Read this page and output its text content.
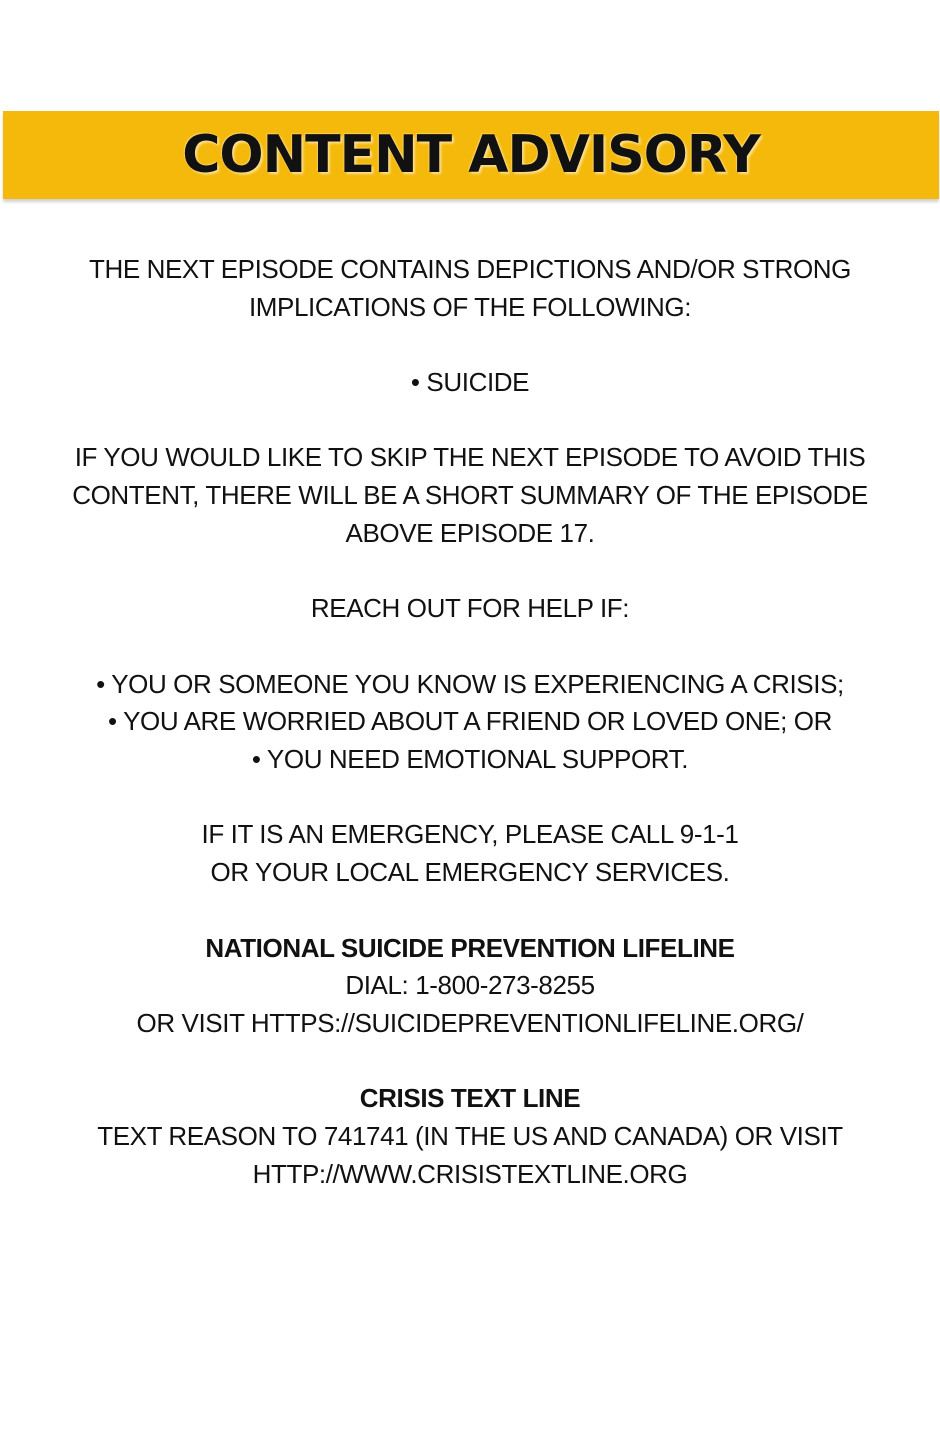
CONTENT ADVISORY
THE NEXT EPISODE CONTAINS DEPICTIONS AND/OR STRONG
IMPLICATIONS OF THE FOLLOWING:
• SUICIDE
IF YOU WOULD LIKE TO SKIP THE NEXT EPISODE TO AVOID THIS
CONTENT, THERE WILL BE A SHORT SUMMARY OF THE EPISODE
ABOVE EPISODE 17.
REACH OUT FOR HELP IF:
• YOU OR SOMEONE YOU KNOW IS EXPERIENCING A CRISIS;
• YOU ARE WORRIED ABOUT A FRIEND OR LOVED ONE; OR
• YOU NEED EMOTIONAL SUPPORT.
IF IT IS AN EMERGENCY, PLEASE CALL 9-1-1
OR YOUR LOCAL EMERGENCY SERVICES.
NATIONAL SUICIDE PREVENTION LIFELINE
DIAL: 1-800-273-8255
OR VISIT HTTPS://SUICIDEPREVENTIONLIFELINE.ORG/
CRISIS TEXT LINE
TEXT REASON TO 741741 (IN THE US AND CANADA) OR VISIT
HTTP://WWW.CRISISTEXTLINE.ORG
